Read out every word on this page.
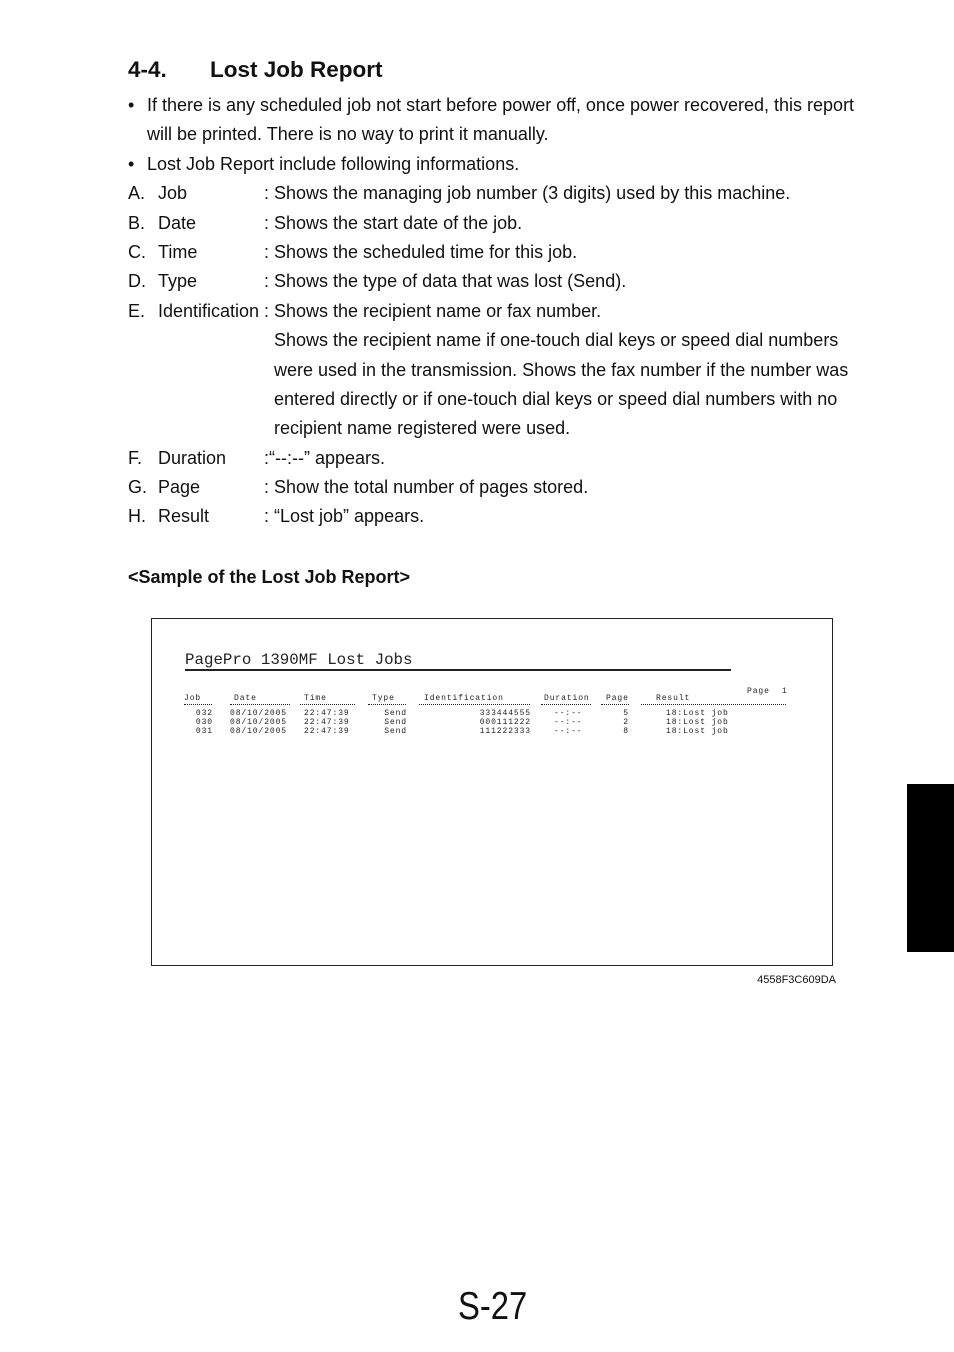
4-4.	Lost Job Report
• If there is any scheduled job not start before power off, once power recovered, this report
will be printed. There is no way to print it manually.
• Lost Job Report include following informations.
A. Job	: Shows the managing job number (3 digits) used by this machine.
B. Date	: Shows the start date of the job.
C. Time	: Shows the scheduled time for this job.
D. Type	: Shows the type of data that was lost (Send).
E. Identification : Shows the recipient name or fax number.
Shows the recipient name if one-touch dial keys or speed dial numbers
were used in the transmission. Shows the fax number if the number was
entered directly or if one-touch dial keys or speed dial numbers with no
recipient name registered were used.
F. Duration	:“--:--” appears.
G. Page	: Show the total number of pages stored.
H. Result	: “Lost job” appears.
<Sample of the Lost Job Report>
PagePro 1390MF Lost Jobs
Page 1
Job	Date	Time	Type	Identification	Duration Page	Result
032 08/10/2005 22:47:39	Send	333444555	--:--	5	18:Lost job
030 08/10/2005 22:47:39	Send	000111222	--:--	2	18:Lost job
031 08/10/2005 22:47:39	Send	111222333	--:--	8	18:Lost job
4558F3C609DA
S-27
